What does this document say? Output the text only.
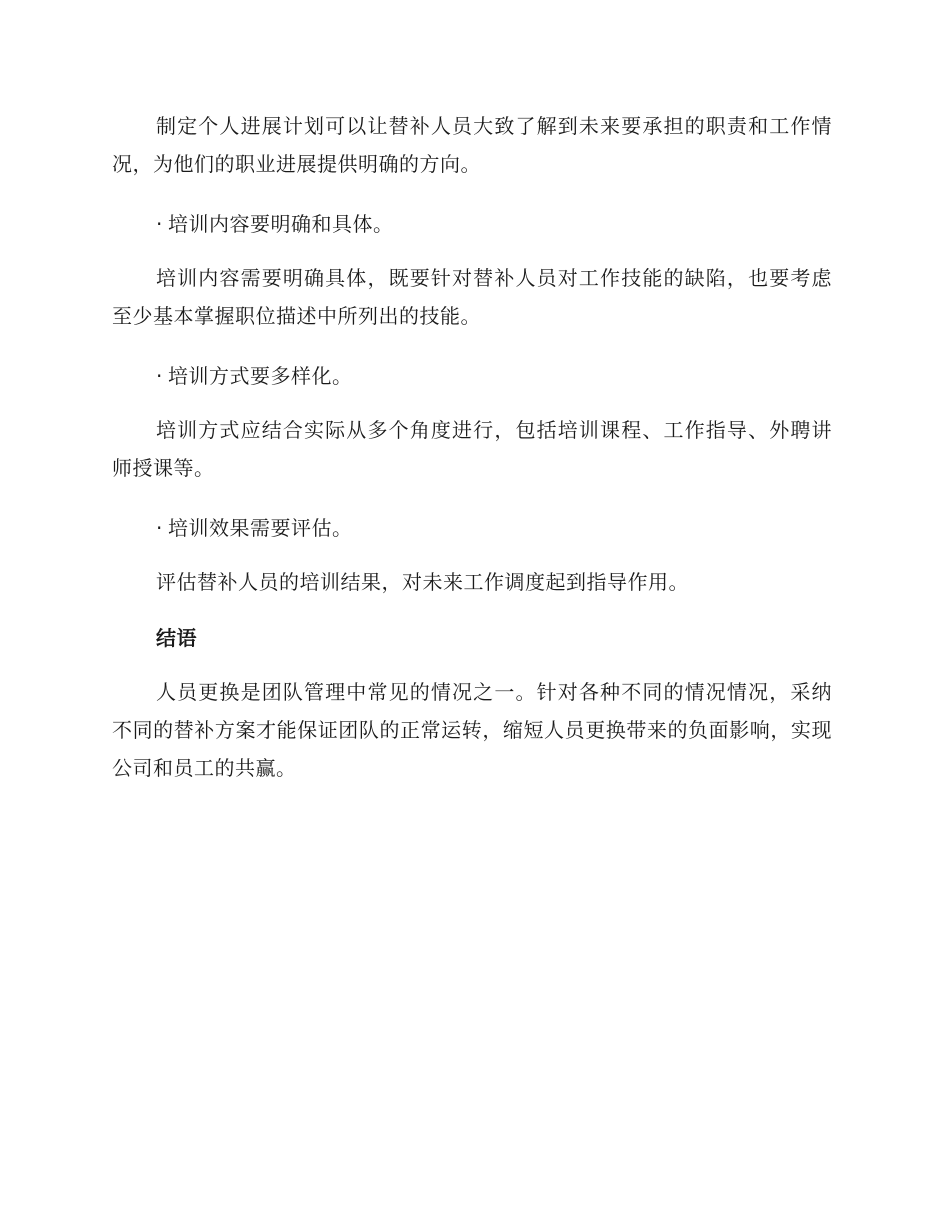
制定个人进展计划可以让替补人员大致了解到未来要承担的职责和工作情况，为他们的职业进展提供明确的方向。
· 培训内容要明确和具体。
培训内容需要明确具体，既要针对替补人员对工作技能的缺陷，也要考虑至少基本掌握职位描述中所列出的技能。
· 培训方式要多样化。
培训方式应结合实际从多个角度进行，包括培训课程、工作指导、外聘讲师授课等。
· 培训效果需要评估。
评估替补人员的培训结果，对未来工作调度起到指导作用。
结语
人员更换是团队管理中常见的情况之一。针对各种不同的情况情况，采纳不同的替补方案才能保证团队的正常运转，缩短人员更换带来的负面影响，实现公司和员工的共赢。
